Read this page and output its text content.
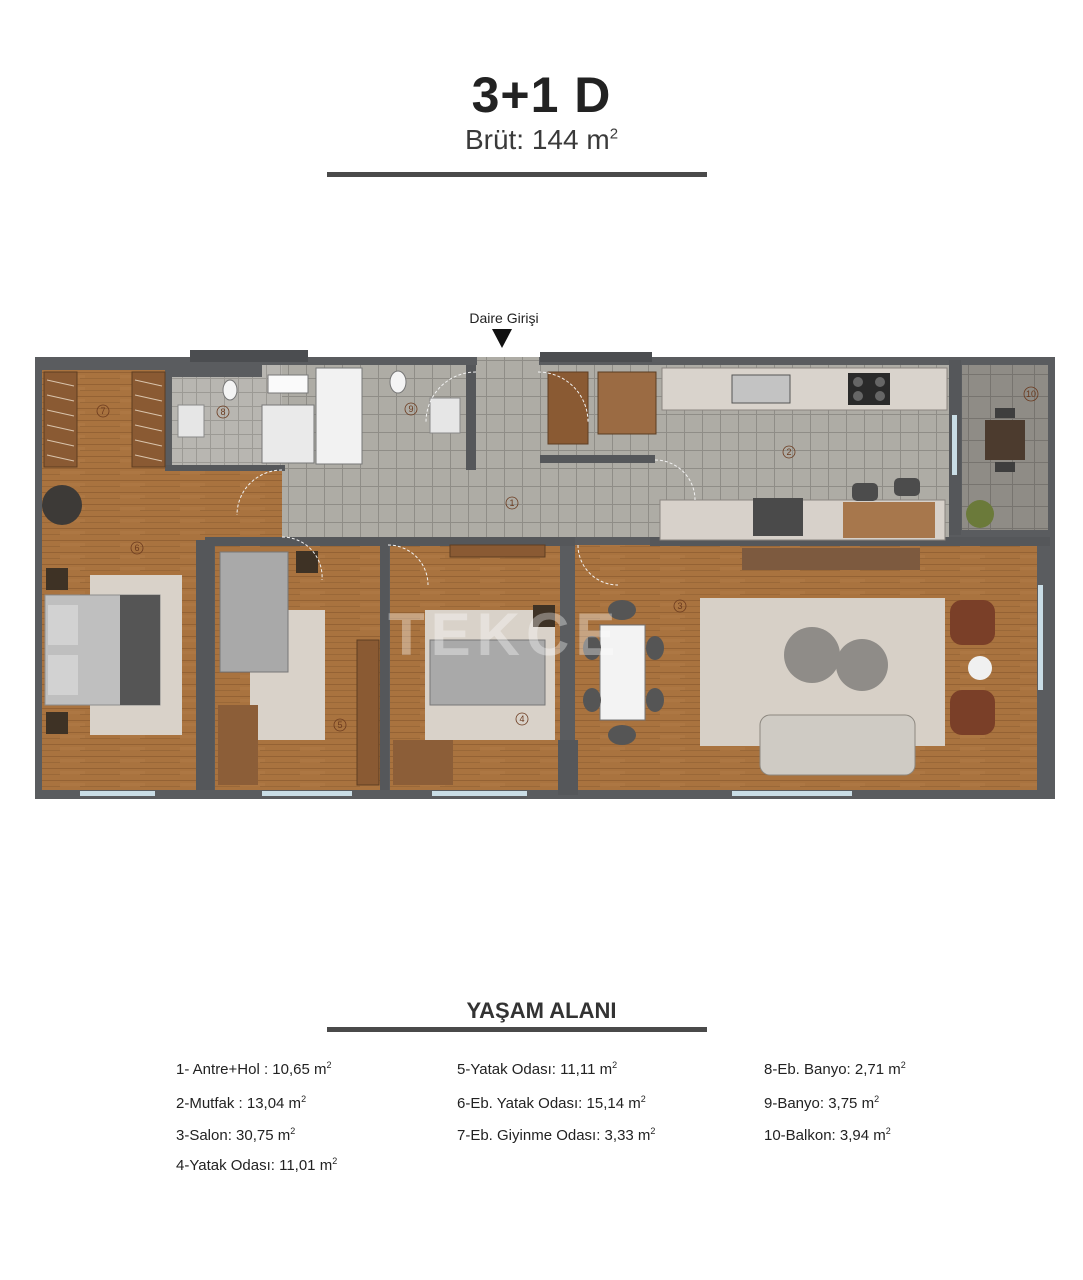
3+1 D
Brüt: 144 $m^2$
Daire Girişi
1
2
3
4
5
6
7	8	9
10
TEKCE
YAŞAM ALANI
1- Antre+Hol : 10,65 $m^2$
2-Mutfak : 13,04 $m^2$
3-Salon: 30,75 $m^2$
4-Yatak Odası: 11,01 $m^2$
5-Yatak Odası: 11,11 $m^2$
6-Eb. Yatak Odası: 15,14 $m^2$
7-Eb. Giyinme Odası: 3,33 $m^2$
8-Eb. Banyo: 2,71 $m^2$
9-Banyo: 3,75 $m^2$
10-Balkon: 3,94 $m^2$
